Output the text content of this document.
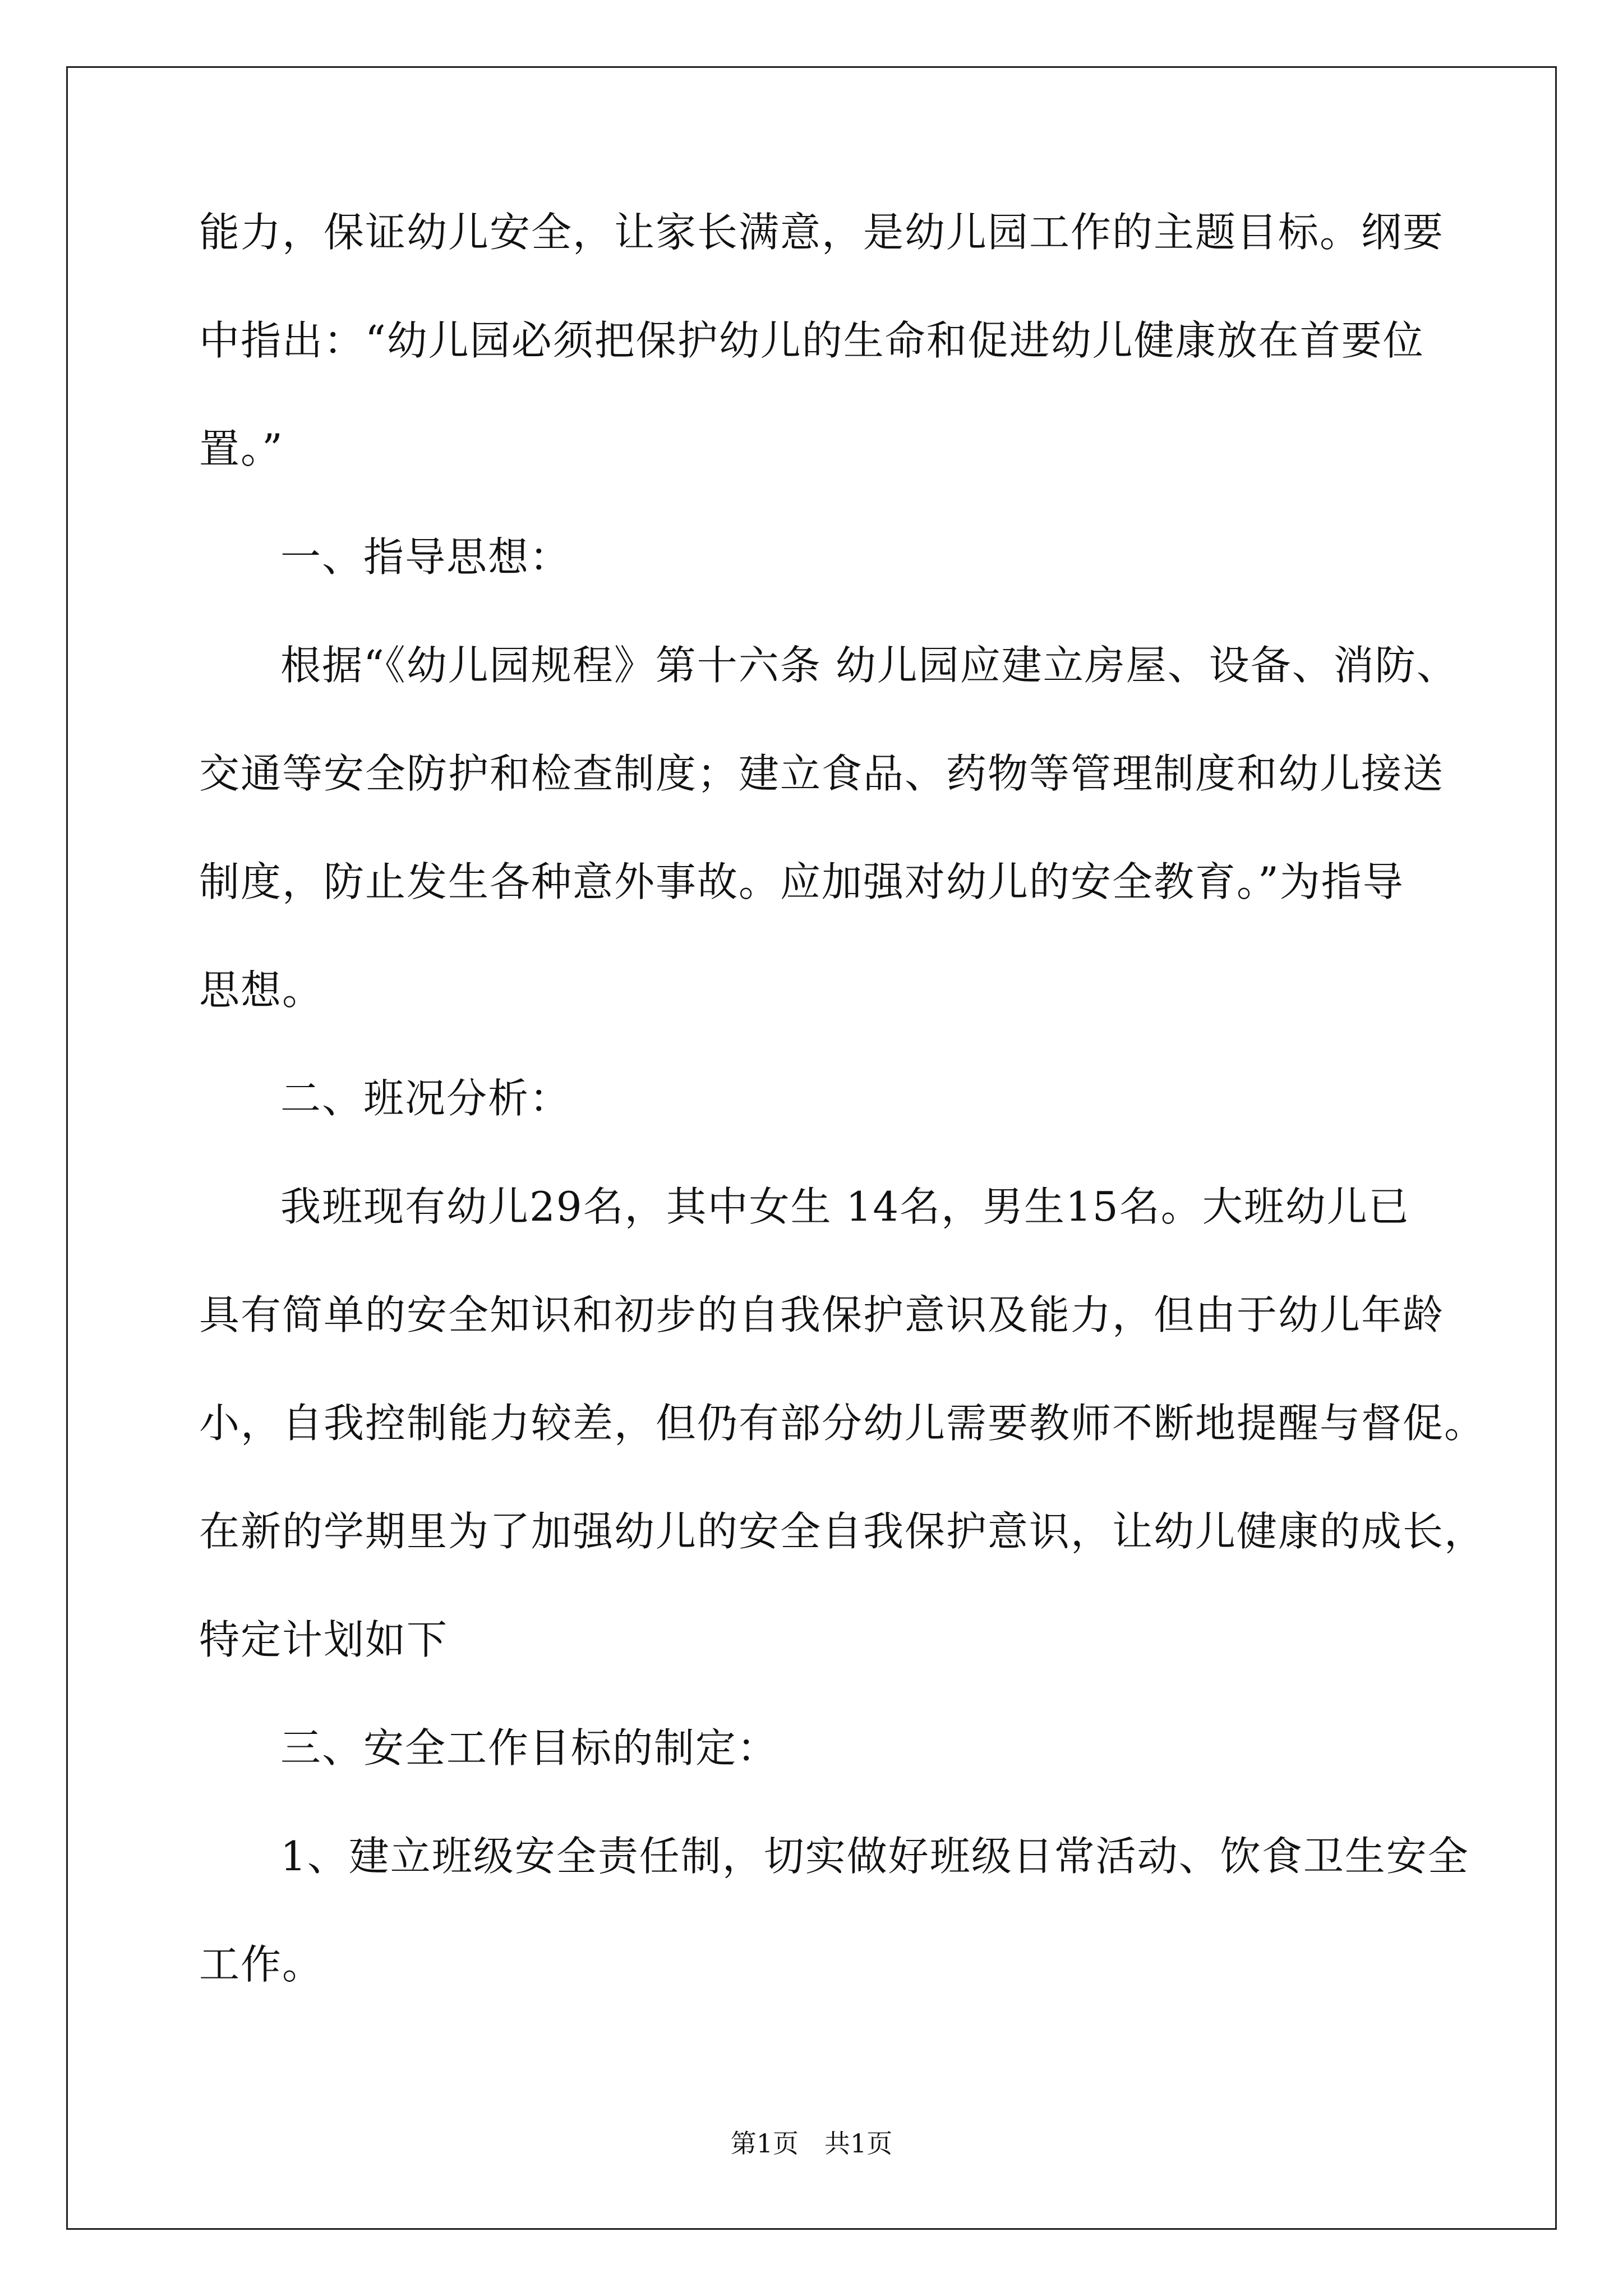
能力，保证幼儿安全，让家长满意，是幼儿园工作的主题目标。纲要

中指出：“幼儿园必须把保护幼儿的生命和促进幼儿健康放在首要位

置。”

一、指导思想：

根据“《幼儿园规程》第十六条 幼儿园应建立房屋、设备、消防、

交通等安全防护和检查制度；建立食品、药物等管理制度和幼儿接送

制度，防止发生各种意外事故。应加强对幼儿的安全教育。”为指导

思想。

二、班况分析：

我班现有幼儿29名，其中女生 14名，男生15名。大班幼儿已

具有简单的安全知识和初步的自我保护意识及能力，但由于幼儿年龄

小，自我控制能力较差，但仍有部分幼儿需要教师不断地提醒与督促。

在新的学期里为了加强幼儿的安全自我保护意识，让幼儿健康的成长，

特定计划如下

三、安全工作目标的制定：

1、建立班级安全责任制，切实做好班级日常活动、饮食卫生安全

工作。

第1页　共1页
